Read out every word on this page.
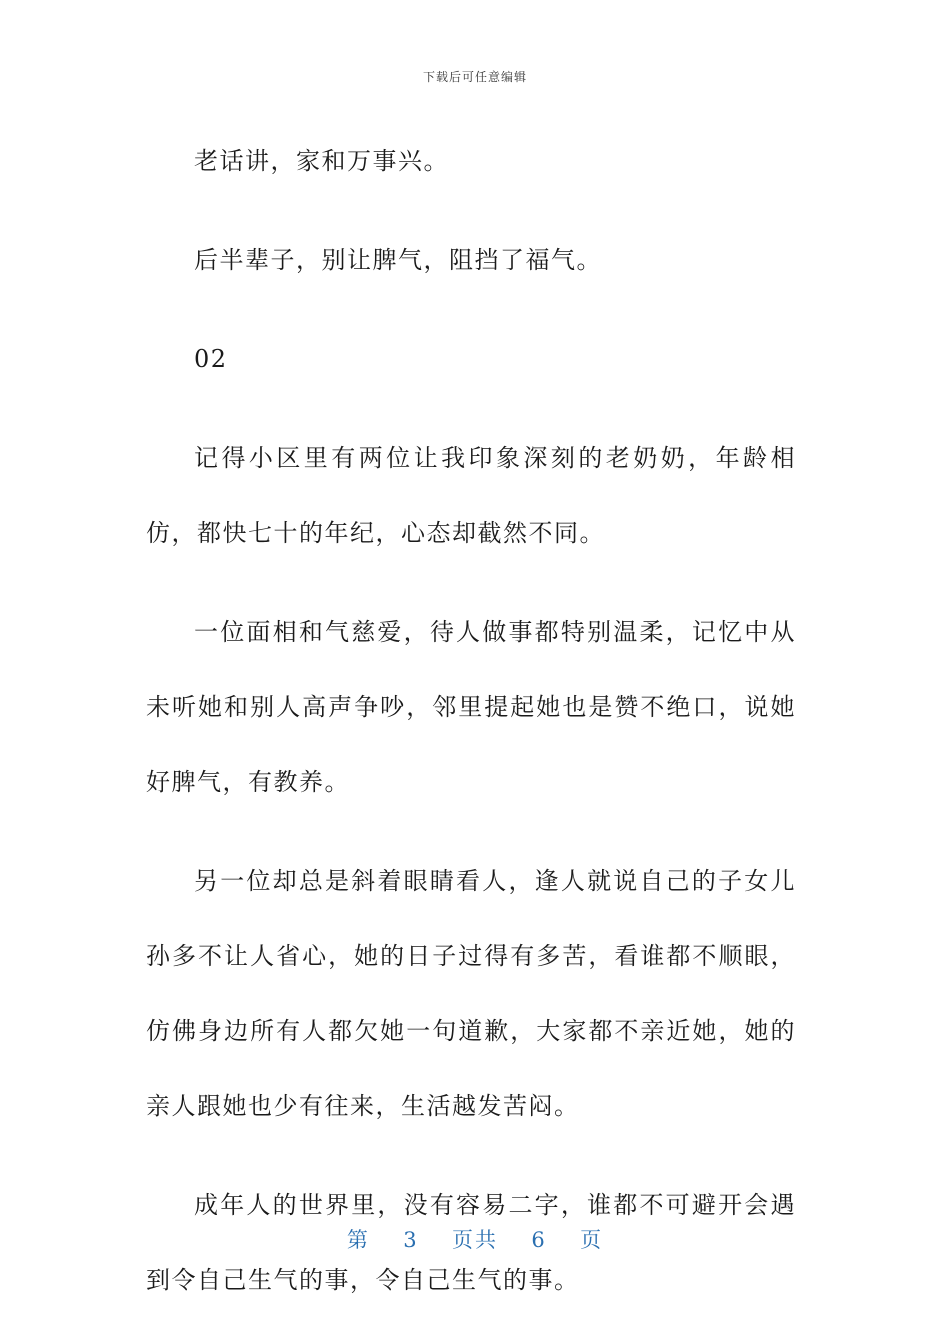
下载后可任意编辑

老话讲，家和万事兴。

后半辈子，别让脾气，阻挡了福气。

02

记得小区里有两位让我印象深刻的老奶奶，年龄相仿，都快七十的年纪，心态却截然不同。

一位面相和气慈爱，待人做事都特别温柔，记忆中从未听她和别人高声争吵，邻里提起她也是赞不绝口，说她好脾气，有教养。

另一位却总是斜着眼睛看人，逢人就说自己的子女儿孙多不让人省心，她的日子过得有多苦，看谁都不顺眼，仿佛身边所有人都欠她一句道歉，大家都不亲近她，她的亲人跟她也少有往来，生活越发苦闷。

成年人的世界里，没有容易二字，谁都不可避开会遇到令自己生气的事，令自己生气的事。

第 3 页共 6 页
